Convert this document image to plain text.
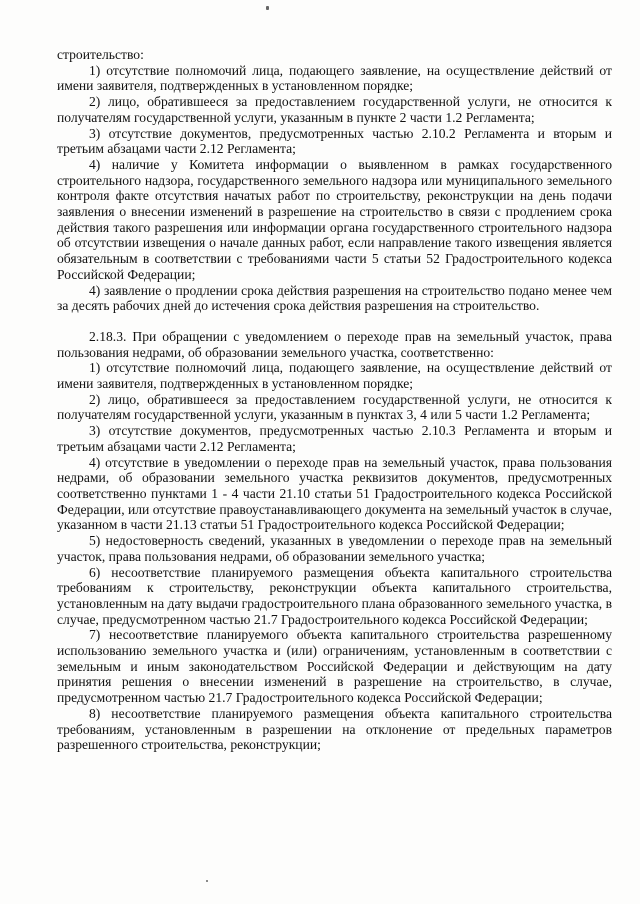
строительство:

1) отсутствие полномочий лица, подающего заявление, на осуществление действий от имени заявителя, подтвержденных в установленном порядке;

2) лицо, обратившееся за предоставлением государственной услуги, не относится к получателям государственной услуги, указанным в пункте 2 части 1.2 Регламента;

3) отсутствие документов, предусмотренных частью 2.10.2 Регламента и вторым и третьим абзацами части 2.12 Регламента;

4) наличие у Комитета информации о выявленном в рамках государственного строительного надзора, государственного земельного надзора или муниципального земельного контроля факте отсутствия начатых работ по строительству, реконструкции на день подачи заявления о внесении изменений в разрешение на строительство в связи с продлением срока действия такого разрешения или информации органа государственного строительного надзора об отсутствии извещения о начале данных работ, если направление такого извещения является обязательным в соответствии с требованиями части 5 статьи 52 Градостроительного кодекса Российской Федерации;

4) заявление о продлении срока действия разрешения на строительство подано менее чем за десять рабочих дней до истечения срока действия разрешения на строительство.

2.18.3. При обращении с уведомлением о переходе прав на земельный участок, права пользования недрами, об образовании земельного участка, соответственно:

1) отсутствие полномочий лица, подающего заявление, на осуществление действий от имени заявителя, подтвержденных в установленном порядке;

2) лицо, обратившееся за предоставлением государственной услуги, не относится к получателям государственной услуги, указанным в пунктах 3, 4 или 5 части 1.2 Регламента;

3) отсутствие документов, предусмотренных частью 2.10.3 Регламента и вторым и третьим абзацами части 2.12 Регламента;

4) отсутствие в уведомлении о переходе прав на земельный участок, права пользования недрами, об образовании земельного участка реквизитов документов, предусмотренных соответственно пунктами 1 - 4 части 21.10 статьи 51 Градостроительного кодекса Российской Федерации, или отсутствие правоустанавливающего документа на земельный участок в случае, указанном в части 21.13 статьи 51 Градостроительного кодекса Российской Федерации;

5) недостоверность сведений, указанных в уведомлении о переходе прав на земельный участок, права пользования недрами, об образовании земельного участка;

6) несоответствие планируемого размещения объекта капитального строительства требованиям к строительству, реконструкции объекта капитального строительства, установленным на дату выдачи градостроительного плана образованного земельного участка, в случае, предусмотренном частью 21.7 Градостроительного кодекса Российской Федерации;

7) несоответствие планируемого объекта капитального строительства разрешенному использованию земельного участка и (или) ограничениям, установленным в соответствии с земельным и иным законодательством Российской Федерации и действующим на дату принятия решения о внесении изменений в разрешение на строительство, в случае, предусмотренном частью 21.7 Градостроительного кодекса Российской Федерации;

8) несоответствие планируемого размещения объекта капитального строительства требованиям, установленным в разрешении на отклонение от предельных параметров разрешенного строительства, реконструкции;
